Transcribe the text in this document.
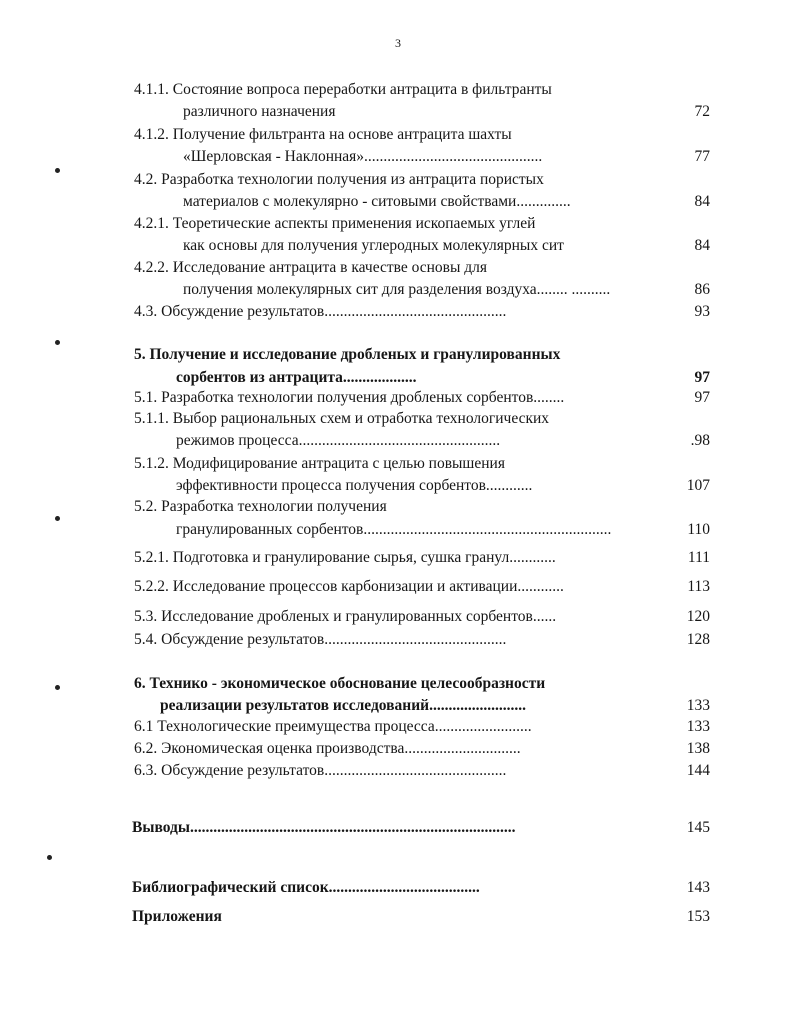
3
4.1.1. Состояние вопроса переработки антрацита в фильтранты
различного назначения	72
4.1.2. Получение фильтранта на основе антрацита шахты
«Шерловская - Наклонная»..............................................	77
4.2. Разработка технологии получения из антрацита пористых
материалов с молекулярно - ситовыми свойствами..............	84
4.2.1. Теоретические аспекты применения ископаемых углей
как основы для получения углеродных молекулярных сит	84
4.2.2. Исследование антрацита в качестве основы для
получения молекулярных сит для разделения воздуха........ ..........	86
4.3. Обсуждение результатов...............................................	93
5. Получение и исследование дробленых и гранулированных
сорбентов из антрацита...................	97
5.1. Разработка технологии получения дробленых сорбентов........	97
5.1.1. Выбор рациональных схем и отработка технологических
режимов процесса....................................................	.98
5.1.2. Модифицирование антрацита с целью повышения
эффективности процесса получения сорбентов............	107
5.2. Разработка технологии получения
гранулированных сорбентов................................................................	110
5.2.1. Подготовка и гранулирование сырья, сушка гранул............	111
5.2.2. Исследование процессов карбонизации и активации............	113
5.3. Исследование дробленых и гранулированных сорбентов......	120
5.4. Обсуждение результатов...............................................	128
6. Технико - экономическое обоснование целесообразности
реализации результатов исследований.........................	133
6.1 Технологические преимущества процесса.........................	133
6.2. Экономическая оценка производства..............................	138
6.3. Обсуждение результатов...............................................	144
Выводы....................................................................................	145
Библиографический список.......................................	143
Приложения	153
